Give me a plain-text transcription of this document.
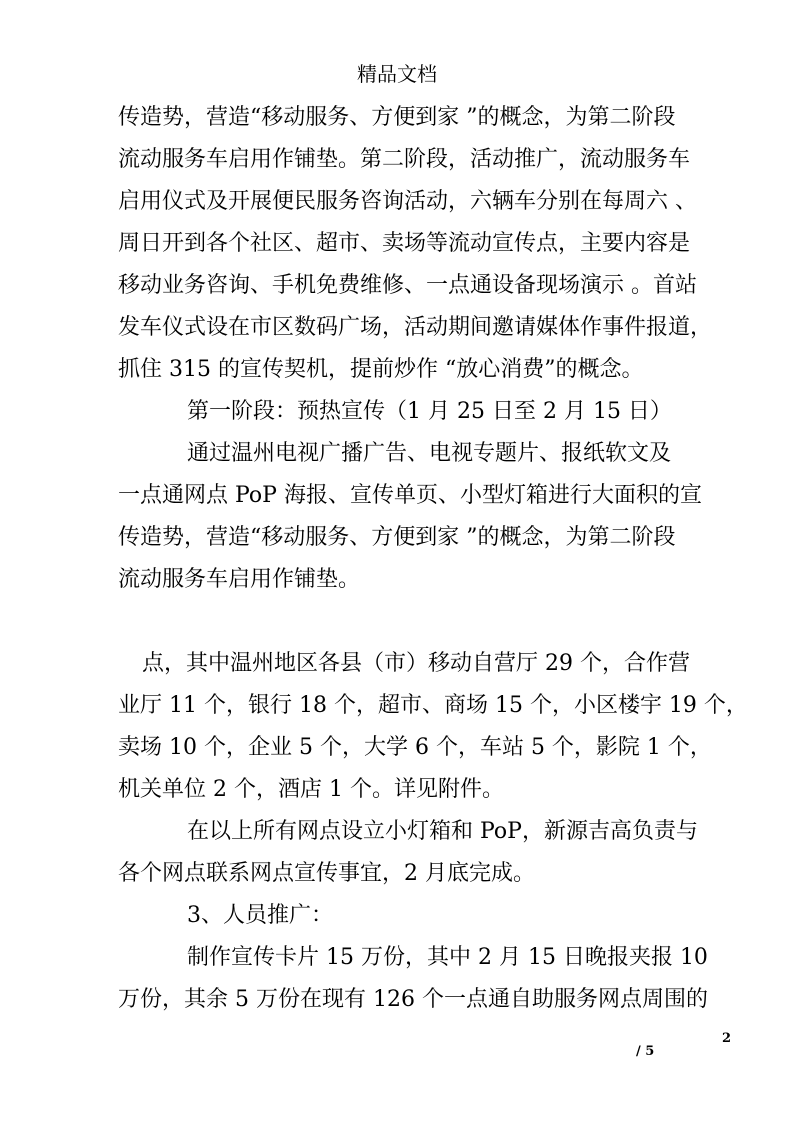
精品文档
传造势，营造“移动服务、方便到家 ”的概念，为第二阶段
流动服务车启用作铺垫。第二阶段，活动推广，流动服务车
启用仪式及开展便民服务咨询活动，六辆车分别在每周六 、
周日开到各个社区、超市、卖场等流动宣传点，主要内容是
移动业务咨询、手机免费维修、一点通设备现场演示 。首站
发车仪式设在市区数码广场，活动期间邀请媒体作事件报道，
抓住 315 的宣传契机，提前炒作 “放心消费”的概念。
第一阶段：预热宣传（1 月 25 日至 2 月 15 日）
通过温州电视广播广告、电视专题片、报纸软文及
一点通网点 PoP 海报、宣传单页、小型灯箱进行大面积的宣
传造势，营造“移动服务、方便到家 ”的概念，为第二阶段
流动服务车启用作铺垫。
点，其中温州地区各县（市）移动自营厅 29 个，合作营
业厅 11 个，银行 18 个，超市、商场 15 个，小区楼宇 19 个，
卖场 10 个，企业 5 个，大学 6 个，车站 5 个，影院 1 个，
机关单位 2 个，酒店 1 个。详见附件。
在以上所有网点设立小灯箱和 PoP，新源吉高负责与
各个网点联系网点宣传事宜，2 月底完成。
3、人员推广：
制作宣传卡片 15 万份，其中 2 月 15 日晚报夹报 10
万份，其余 5 万份在现有 126 个一点通自助服务网点周围的
2
/ 5
